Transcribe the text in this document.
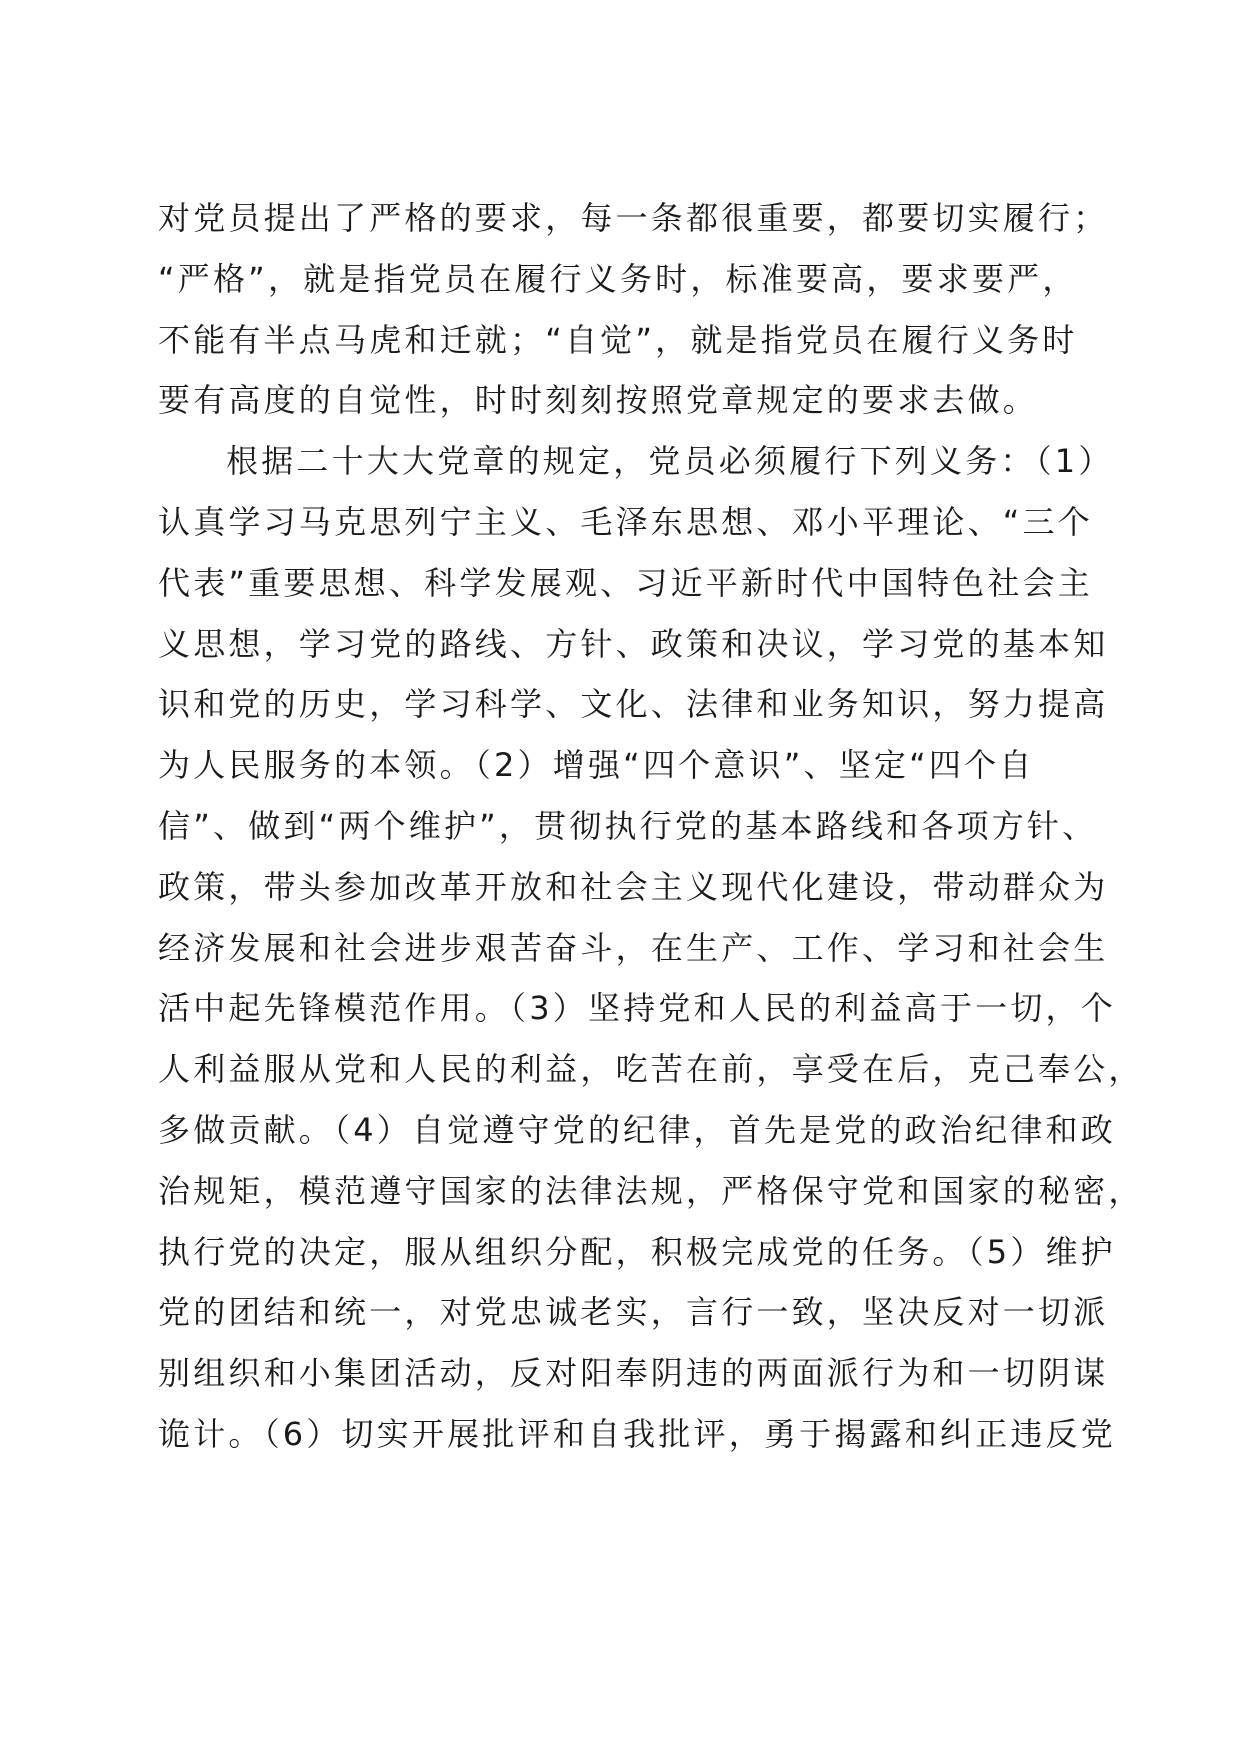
对党员提出了严格的要求，每一条都很重要，都要切实履行；
“严格”，就是指党员在履行义务时，标准要高，要求要严，
不能有半点马虎和迁就；“自觉”，就是指党员在履行义务时
要有高度的自觉性，时时刻刻按照党章规定的要求去做。
根据二十大大党章的规定，党员必须履行下列义务：（1）
认真学习马克思列宁主义、毛泽东思想、邓小平理论、“三个
代表”重要思想、科学发展观、习近平新时代中国特色社会主
义思想，学习党的路线、方针、政策和决议，学习党的基本知
识和党的历史，学习科学、文化、法律和业务知识，努力提高
为人民服务的本领。（2）增强“四个意识”、坚定“四个自
信”、做到“两个维护”，贯彻执行党的基本路线和各项方针、
政策，带头参加改革开放和社会主义现代化建设，带动群众为
经济发展和社会进步艰苦奋斗，在生产、工作、学习和社会生
活中起先锋模范作用。（3）坚持党和人民的利益高于一切，个
人利益服从党和人民的利益，吃苦在前，享受在后，克己奉公，
多做贡献。（4）自觉遵守党的纪律，首先是党的政治纪律和政
治规矩，模范遵守国家的法律法规，严格保守党和国家的秘密，
执行党的决定，服从组织分配，积极完成党的任务。（5）维护
党的团结和统一，对党忠诚老实，言行一致，坚决反对一切派
别组织和小集团活动，反对阳奉阴违的两面派行为和一切阴谋
诡计。（6）切实开展批评和自我批评，勇于揭露和纠正违反党
